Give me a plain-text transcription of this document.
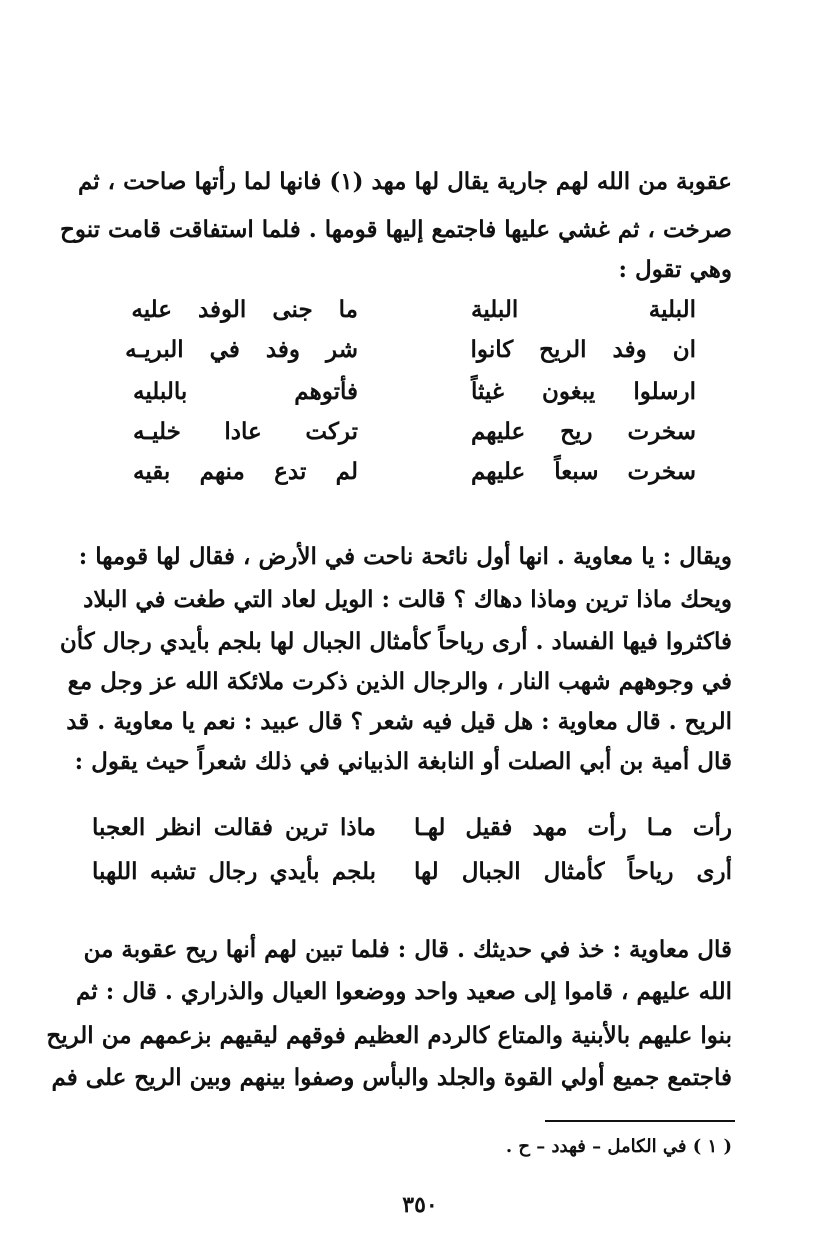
عقوبة من الله لهم جارية يقال لها مهد (١) فانها لما رأتها صاحت ، ثم
صرخت ، ثم غشي عليها فاجتمع إليها قومها . فلما استفاقت قامت تنوح
وهي تقول :
البلية البلية
ما جنى الوفد عليه
ان وفد الريح كانوا
شر وفد في البريـه
ارسلوا يبغون غيثاً
فأتوهم بالبليه
سخرت ريح عليهم
تركت عادا خليـه
سخرت سبعاً عليهم
لم تدع منهم بقيه
ويقال : يا معاوية . انها أول نائحة ناحت في الأرض ، فقال لها قومها :
ويحك ماذا ترين وماذا دهاك ؟ قالت : الويل لعاد التي طغت في البلاد
فاكثروا فيها الفساد . أرى رياحاً كأمثال الجبال لها بلجم بأيدي رجال كأن
في وجوههم شهب النار ، والرجال الذين ذكرت ملائكة الله عز وجل مع
الريح . قال معاوية : هل قيل فيه شعر ؟ قال عبيد : نعم يا معاوية . قد
قال أمية بن أبي الصلت أو النابغة الذبياني في ذلك شعراً حيث يقول :
رأت مـا رأت مهد فقيل لهـا
ماذا ترين فقالت انظر العجبا
أرى رياحاً كأمثال الجبال لها
بلجم بأيدي رجال تشبه اللهبا
قال معاوية : خذ في حديثك . قال : فلما تبين لهم أنها ريح عقوبة من
الله عليهم ، قاموا إلى صعيد واحد ووضعوا العيال والذراري . قال : ثم
بنوا عليهم بالأبنية والمتاع كالردم العظيم فوقهم ليقيهم بزعمهم من الريح
فاجتمع جميع أولي القوة والجلد والبأس وصفوا بينهم وبين الريح على فم
( ١ ) في الكامل – فهدد – ح .
٣٥٠
